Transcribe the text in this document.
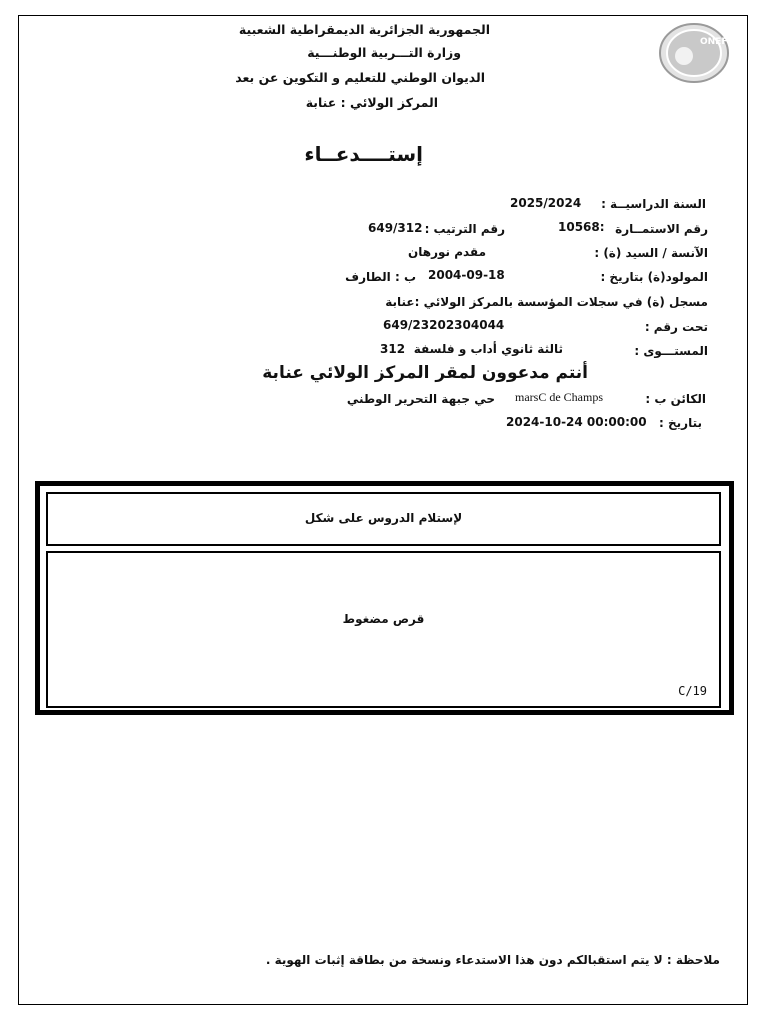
ONEFD
الجمهورية الجزائرية الديمقراطية الشعبية
وزارة التـــربية الوطنـــية
الديوان الوطني للتعليم و التكوين عن بعد
المركز الولائي : عنابة
إستــــدعــاء
السنة الدراسيــة :
2025/2024
رقم الاستمــارة
10568:
رقم الترتيب :
649/312
الآنسة / السيد (ة) :
مقدم نورهان
المولود(ة) بتاريخ :
2004-09-18
ب : الطارف
مسجل (ة) في سجلات المؤسسة بالمركز الولائي :عنابة
تحت رقم :
649/23202304044
المستـــوى :
ثالثة ثانوي أداب و فلسفة
312
أنتم مدعوون لمقر المركز الولائي عنابة
الكائن ب :
marsC de Champs
حي جبهة التحرير الوطني
بتاريخ :
2024-10-24 00:00:00
لإستلام الدروس على شكل
قرص مضغوط
C/19
ملاحظة : لا يتم استقبالكم دون هذا الاستدعاء ونسخة من بطاقة إثبات الهوية .
